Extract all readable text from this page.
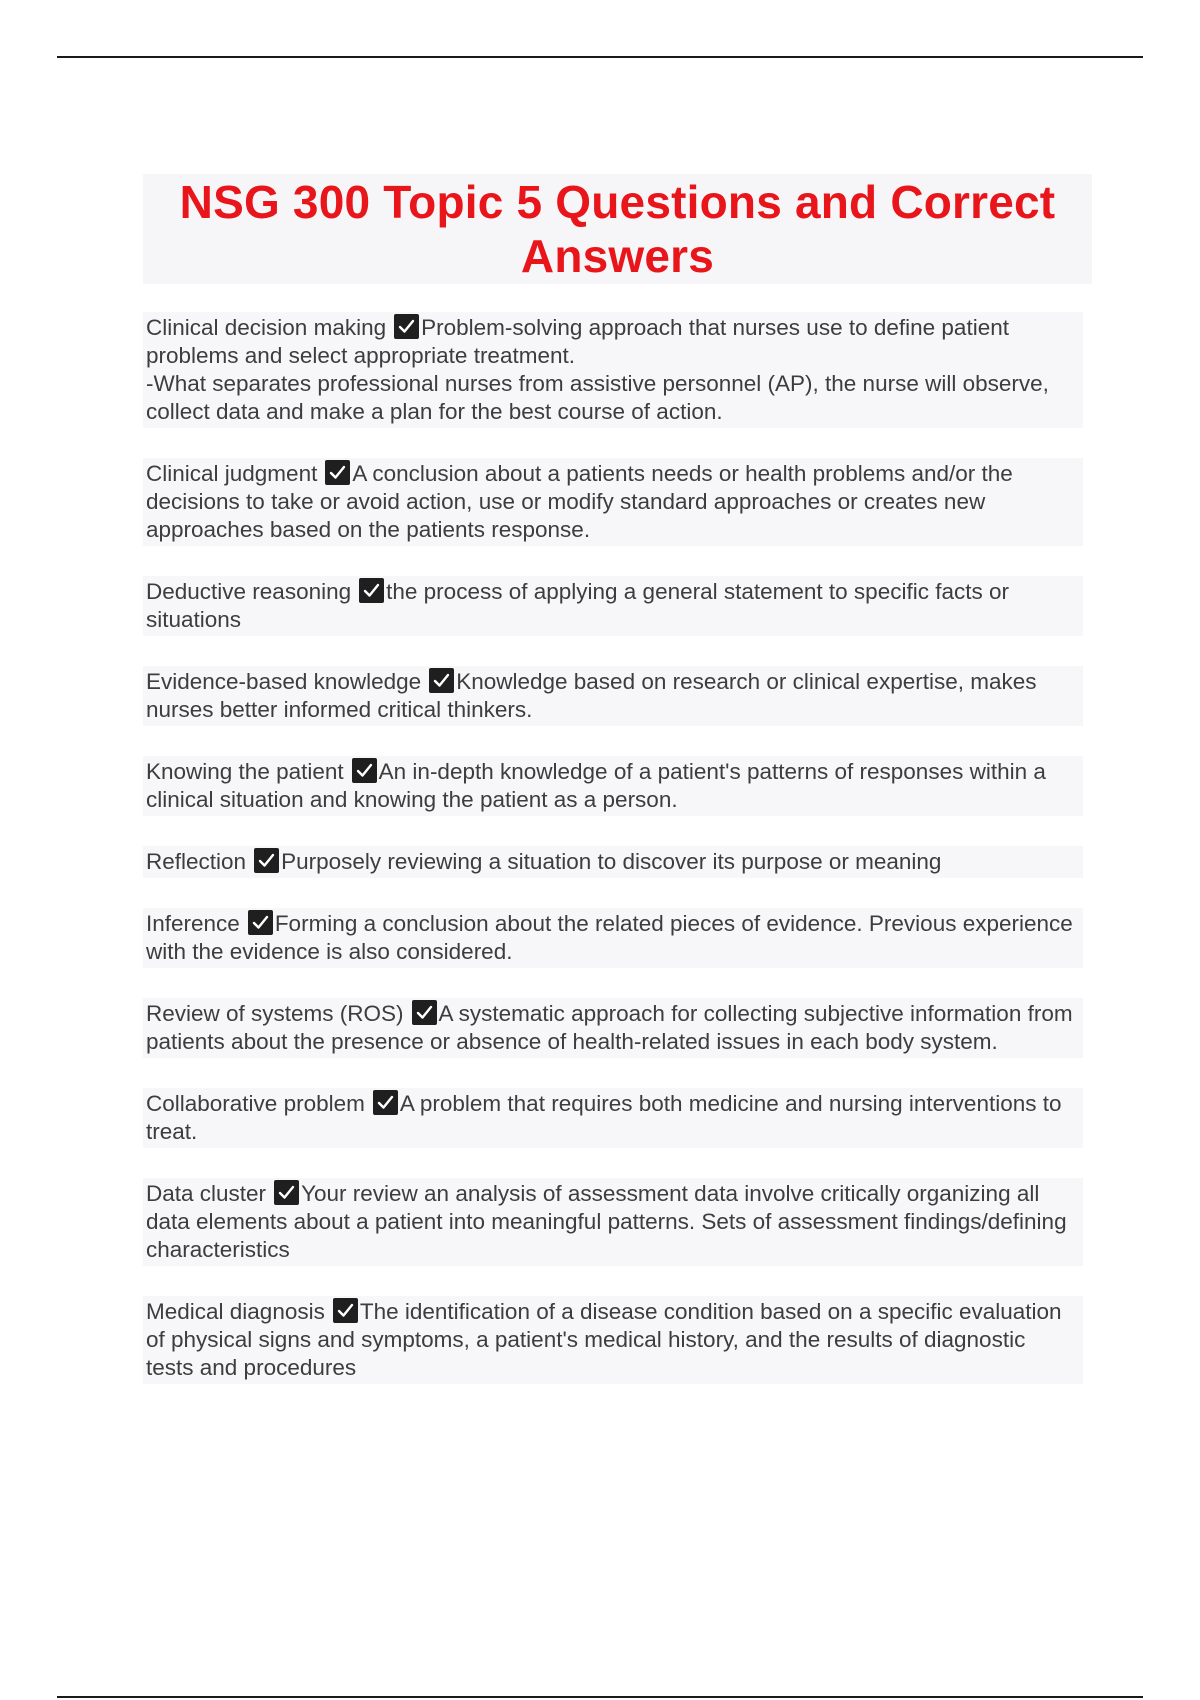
NSG 300 Topic 5 Questions and Correct Answers

Clinical decision making Problem-solving approach that nurses use to define patient problems and select appropriate treatment.
-What separates professional nurses from assistive personnel (AP), the nurse will observe, collect data and make a plan for the best course of action.

Clinical judgment A conclusion about a patients needs or health problems and/or the decisions to take or avoid action, use or modify standard approaches or creates new approaches based on the patients response.

Deductive reasoning the process of applying a general statement to specific facts or situations

Evidence-based knowledge Knowledge based on research or clinical expertise, makes nurses better informed critical thinkers.

Knowing the patient An in-depth knowledge of a patient's patterns of responses within a clinical situation and knowing the patient as a person.

Reflection Purposely reviewing a situation to discover its purpose or meaning

Inference Forming a conclusion about the related pieces of evidence. Previous experience with the evidence is also considered.

Review of systems (ROS) A systematic approach for collecting subjective information from patients about the presence or absence of health-related issues in each body system.

Collaborative problem A problem that requires both medicine and nursing interventions to treat.

Data cluster Your review an analysis of assessment data involve critically organizing all data elements about a patient into meaningful patterns. Sets of assessment findings/defining characteristics

Medical diagnosis The identification of a disease condition based on a specific evaluation of physical signs and symptoms, a patient's medical history, and the results of diagnostic tests and procedures
